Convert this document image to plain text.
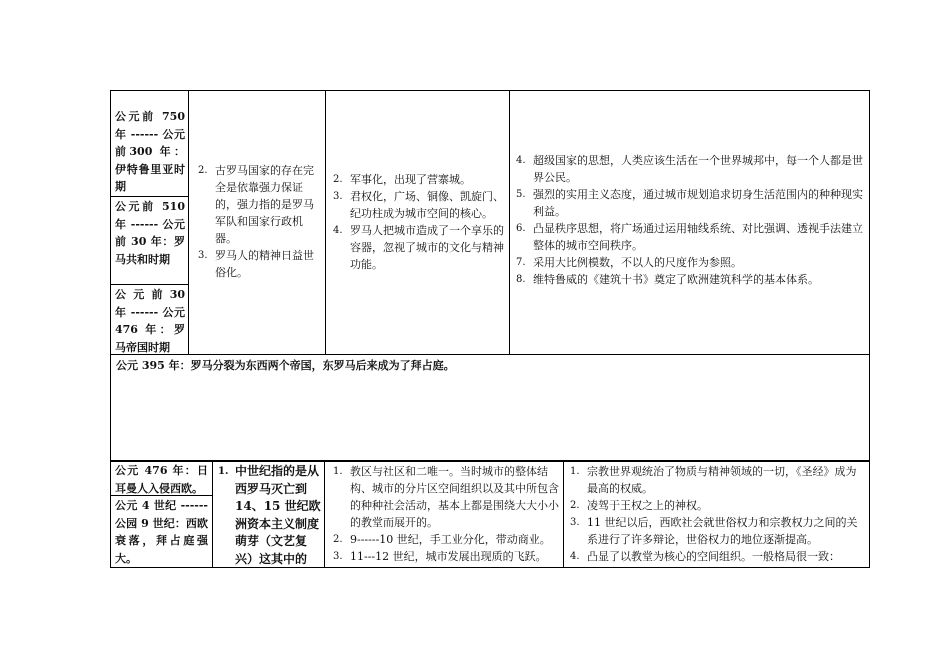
公元前 750 年 ------ 公元前300 年：伊特鲁里亚时期
公元前 510 年 ------ 公元前 30 年：罗马共和时期
公 元 前 30 年 ------ 公元476 年：罗马帝国时期
2. 古罗马国家的存在完全是依靠强力保证的，强力指的是罗马军队和国家行政机器。
3. 罗马人的精神日益世俗化。
2. 军事化，出现了营寨城。
3. 君权化，广场、铜像、凯旋门、纪功柱成为城市空间的核心。
4. 罗马人把城市造成了一个享乐的容器，忽视了城市的文化与精神功能。
4. 超级国家的思想，人类应该生活在一个世界城邦中，每一个人都是世界公民。
5. 强烈的实用主义态度，通过城市规划追求切身生活范围内的种种现实利益。
6. 凸显秩序思想，将广场通过运用轴线系统、对比强调、透视手法建立整体的城市空间秩序。
7. 采用大比例模数，不以人的尺度作为参照。
8. 维特鲁威的《建筑十书》奠定了欧洲建筑科学的基本体系。
公元 395 年：罗马分裂为东西两个帝国，东罗马后来成为了拜占庭。
公元 476 年：日耳曼人入侵西欧。
公元 4 世纪 ------ 公园 9 世纪：西欧衰落，拜占庭强大。
1. 中世纪指的是从西罗马灭亡到 14、15 世纪欧洲资本主义制度萌芽（文艺复兴）这其中的
1. 教区与社区和二唯一。当时城市的整体结构、城市的分片区空间组织以及其中所包含的种种社会活动，基本上都是围绕大大小小的教堂而展开的。
2. 9------10 世纪，手工业分化，带动商业。
3. 11---12 世纪，城市发展出现质的飞跃。
1. 宗教世界观统治了物质与精神领域的一切，《圣经》成为最高的权威。
2. 凌驾于王权之上的神权。
3. 11 世纪以后，西欧社会就世俗权力和宗教权力之间的关系进行了许多辩论，世俗权力的地位逐渐提高。
4. 凸显了以教堂为核心的空间组织。一般格局很一致：
